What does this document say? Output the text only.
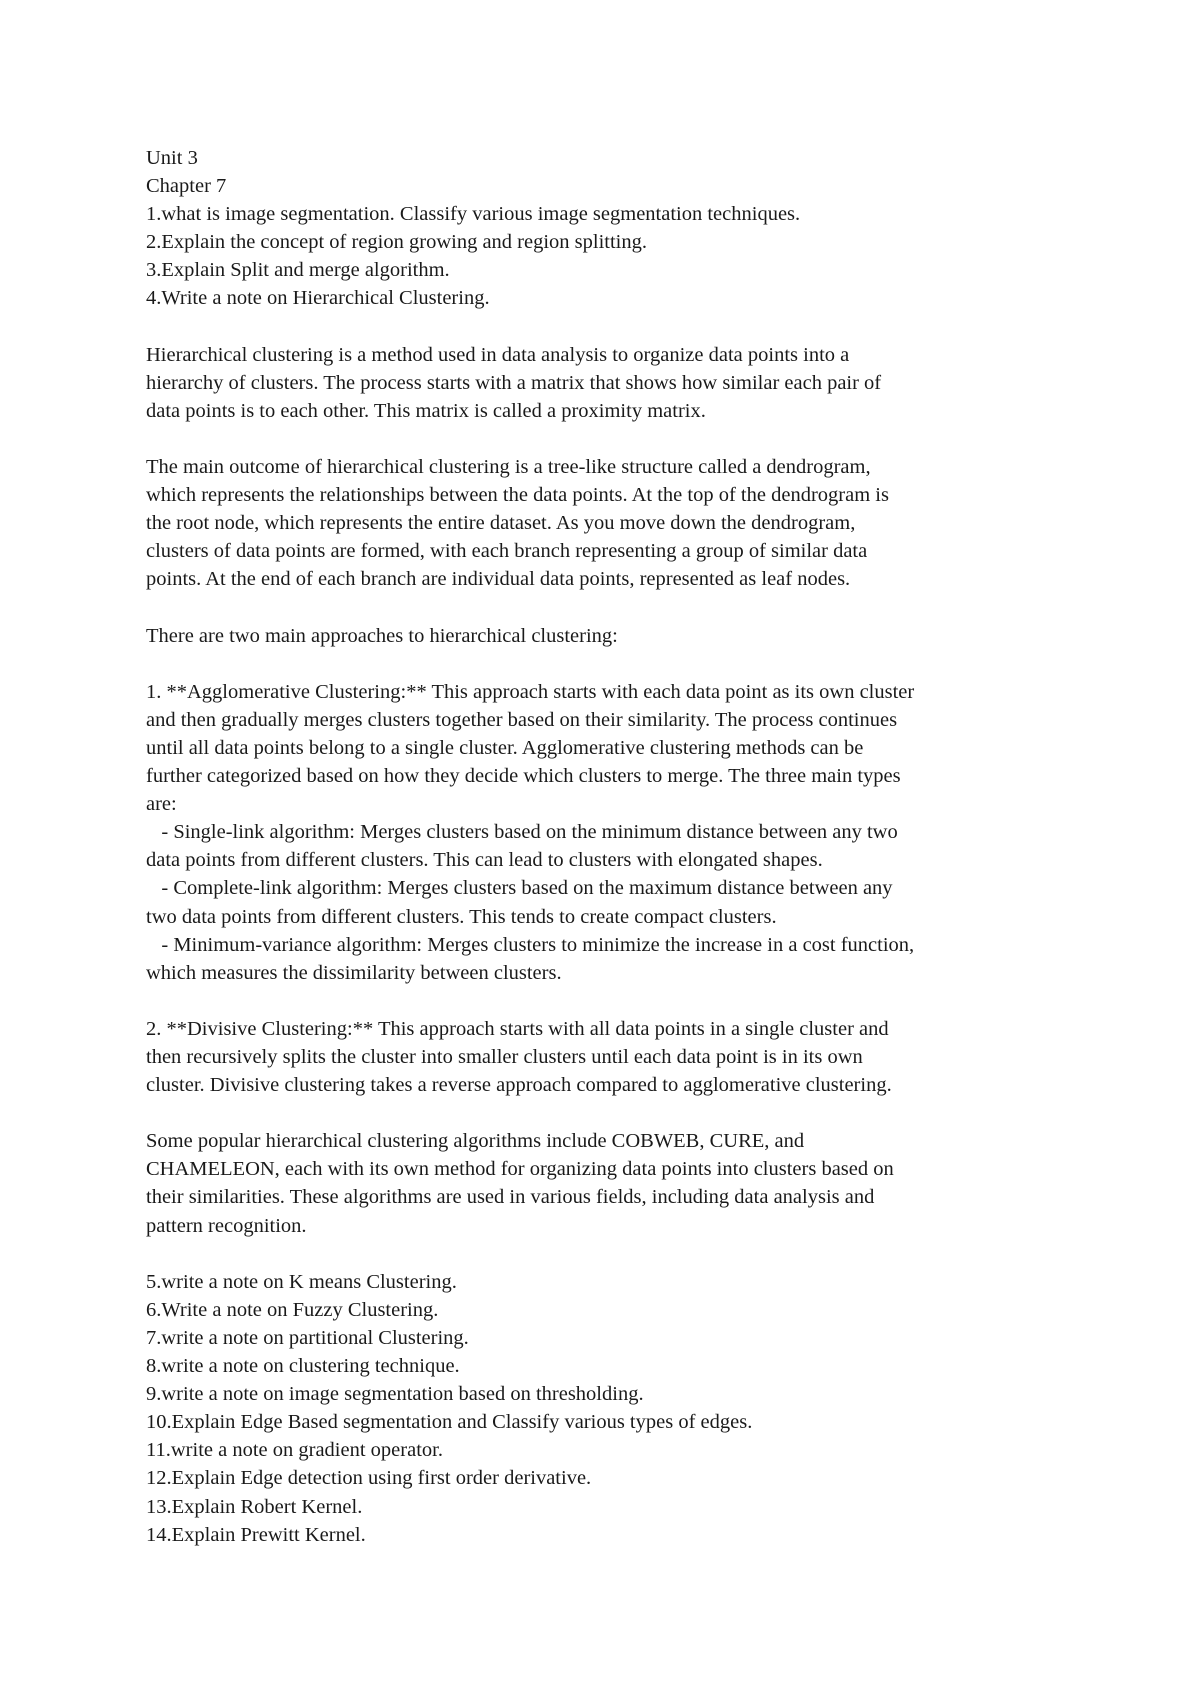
Unit 3
Chapter 7
1.what is image segmentation. Classify various image segmentation techniques.
2.Explain the concept of region growing and region splitting.
3.Explain Split and merge algorithm.
4.Write a note on Hierarchical Clustering.
Hierarchical clustering is a method used in data analysis to organize data points into a
hierarchy of clusters. The process starts with a matrix that shows how similar each pair of
data points is to each other. This matrix is called a proximity matrix.
The main outcome of hierarchical clustering is a tree-like structure called a dendrogram,
which represents the relationships between the data points. At the top of the dendrogram is
the root node, which represents the entire dataset. As you move down the dendrogram,
clusters of data points are formed, with each branch representing a group of similar data
points. At the end of each branch are individual data points, represented as leaf nodes.
There are two main approaches to hierarchical clustering:
1. **Agglomerative Clustering:** This approach starts with each data point as its own cluster
and then gradually merges clusters together based on their similarity. The process continues
until all data points belong to a single cluster. Agglomerative clustering methods can be
further categorized based on how they decide which clusters to merge. The three main types
are:
- Single-link algorithm: Merges clusters based on the minimum distance between any two
data points from different clusters. This can lead to clusters with elongated shapes.
- Complete-link algorithm: Merges clusters based on the maximum distance between any
two data points from different clusters. This tends to create compact clusters.
- Minimum-variance algorithm: Merges clusters to minimize the increase in a cost function,
which measures the dissimilarity between clusters.
2. **Divisive Clustering:** This approach starts with all data points in a single cluster and
then recursively splits the cluster into smaller clusters until each data point is in its own
cluster. Divisive clustering takes a reverse approach compared to agglomerative clustering.
Some popular hierarchical clustering algorithms include COBWEB, CURE, and
CHAMELEON, each with its own method for organizing data points into clusters based on
their similarities. These algorithms are used in various fields, including data analysis and
pattern recognition.
5.write a note on K means Clustering.
6.Write a note on Fuzzy Clustering.
7.write a note on partitional Clustering.
8.write a note on clustering technique.
9.write a note on image segmentation based on thresholding.
10.Explain Edge Based segmentation and Classify various types of edges.
11.write a note on gradient operator.
12.Explain Edge detection using first order derivative.
13.Explain Robert Kernel.
14.Explain Prewitt Kernel.
